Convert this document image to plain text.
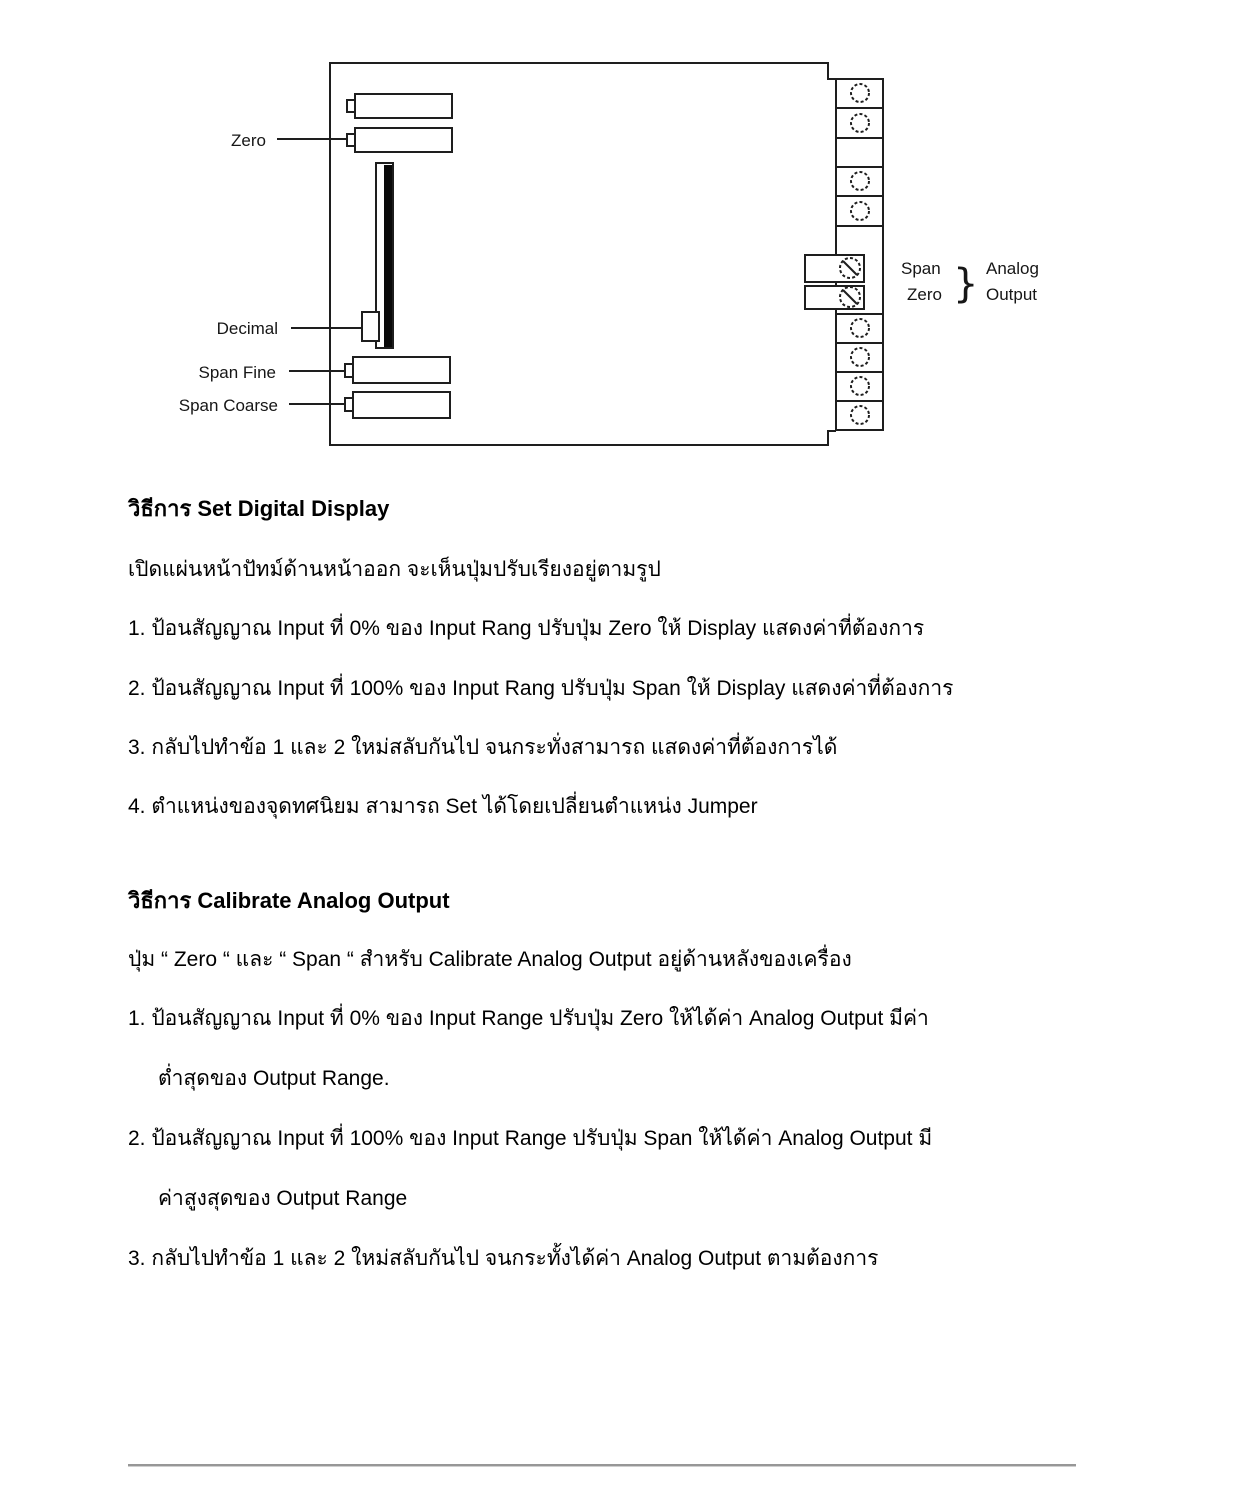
Zero
Decimal
Span Fine
Span Coarse
Span
Zero } Analog
Output
วิธีการ Set Digital Display
เปิดแผ่นหน้าปัทม์ด้านหน้าออก จะเห็นปุ่มปรับเรียงอยู่ตามรูป
1. ป้อนสัญญาณ Input ที่ 0% ของ Input Rang ปรับปุ่ม Zero ให้ Display แสดงค่าที่ต้องการ
2. ป้อนสัญญาณ Input ที่ 100% ของ Input Rang ปรับปุ่ม Span ให้ Display แสดงค่าที่ต้องการ
3. กลับไปทำข้อ 1 และ 2 ใหม่สลับกันไป จนกระทั่งสามารถ แสดงค่าที่ต้องการได้
4. ตำแหน่งของจุดทศนิยม สามารถ Set ได้โดยเปลี่ยนตำแหน่ง Jumper
วิธีการ Calibrate Analog Output
ปุ่ม “ Zero “ และ “ Span “ สำหรับ Calibrate Analog Output อยู่ด้านหลังของเครื่อง
1. ป้อนสัญญาณ Input ที่ 0% ของ Input Range ปรับปุ่ม Zero ให้ได้ค่า Analog Output มีค่า
ต่ำสุดของ Output Range.
2. ป้อนสัญญาณ Input ที่ 100% ของ Input Range ปรับปุ่ม Span ให้ได้ค่า Analog Output มี
ค่าสูงสุดของ Output Range
3. กลับไปทำข้อ 1 และ 2 ใหม่สลับกันไป จนกระทั้งได้ค่า Analog Output ตามต้องการ
